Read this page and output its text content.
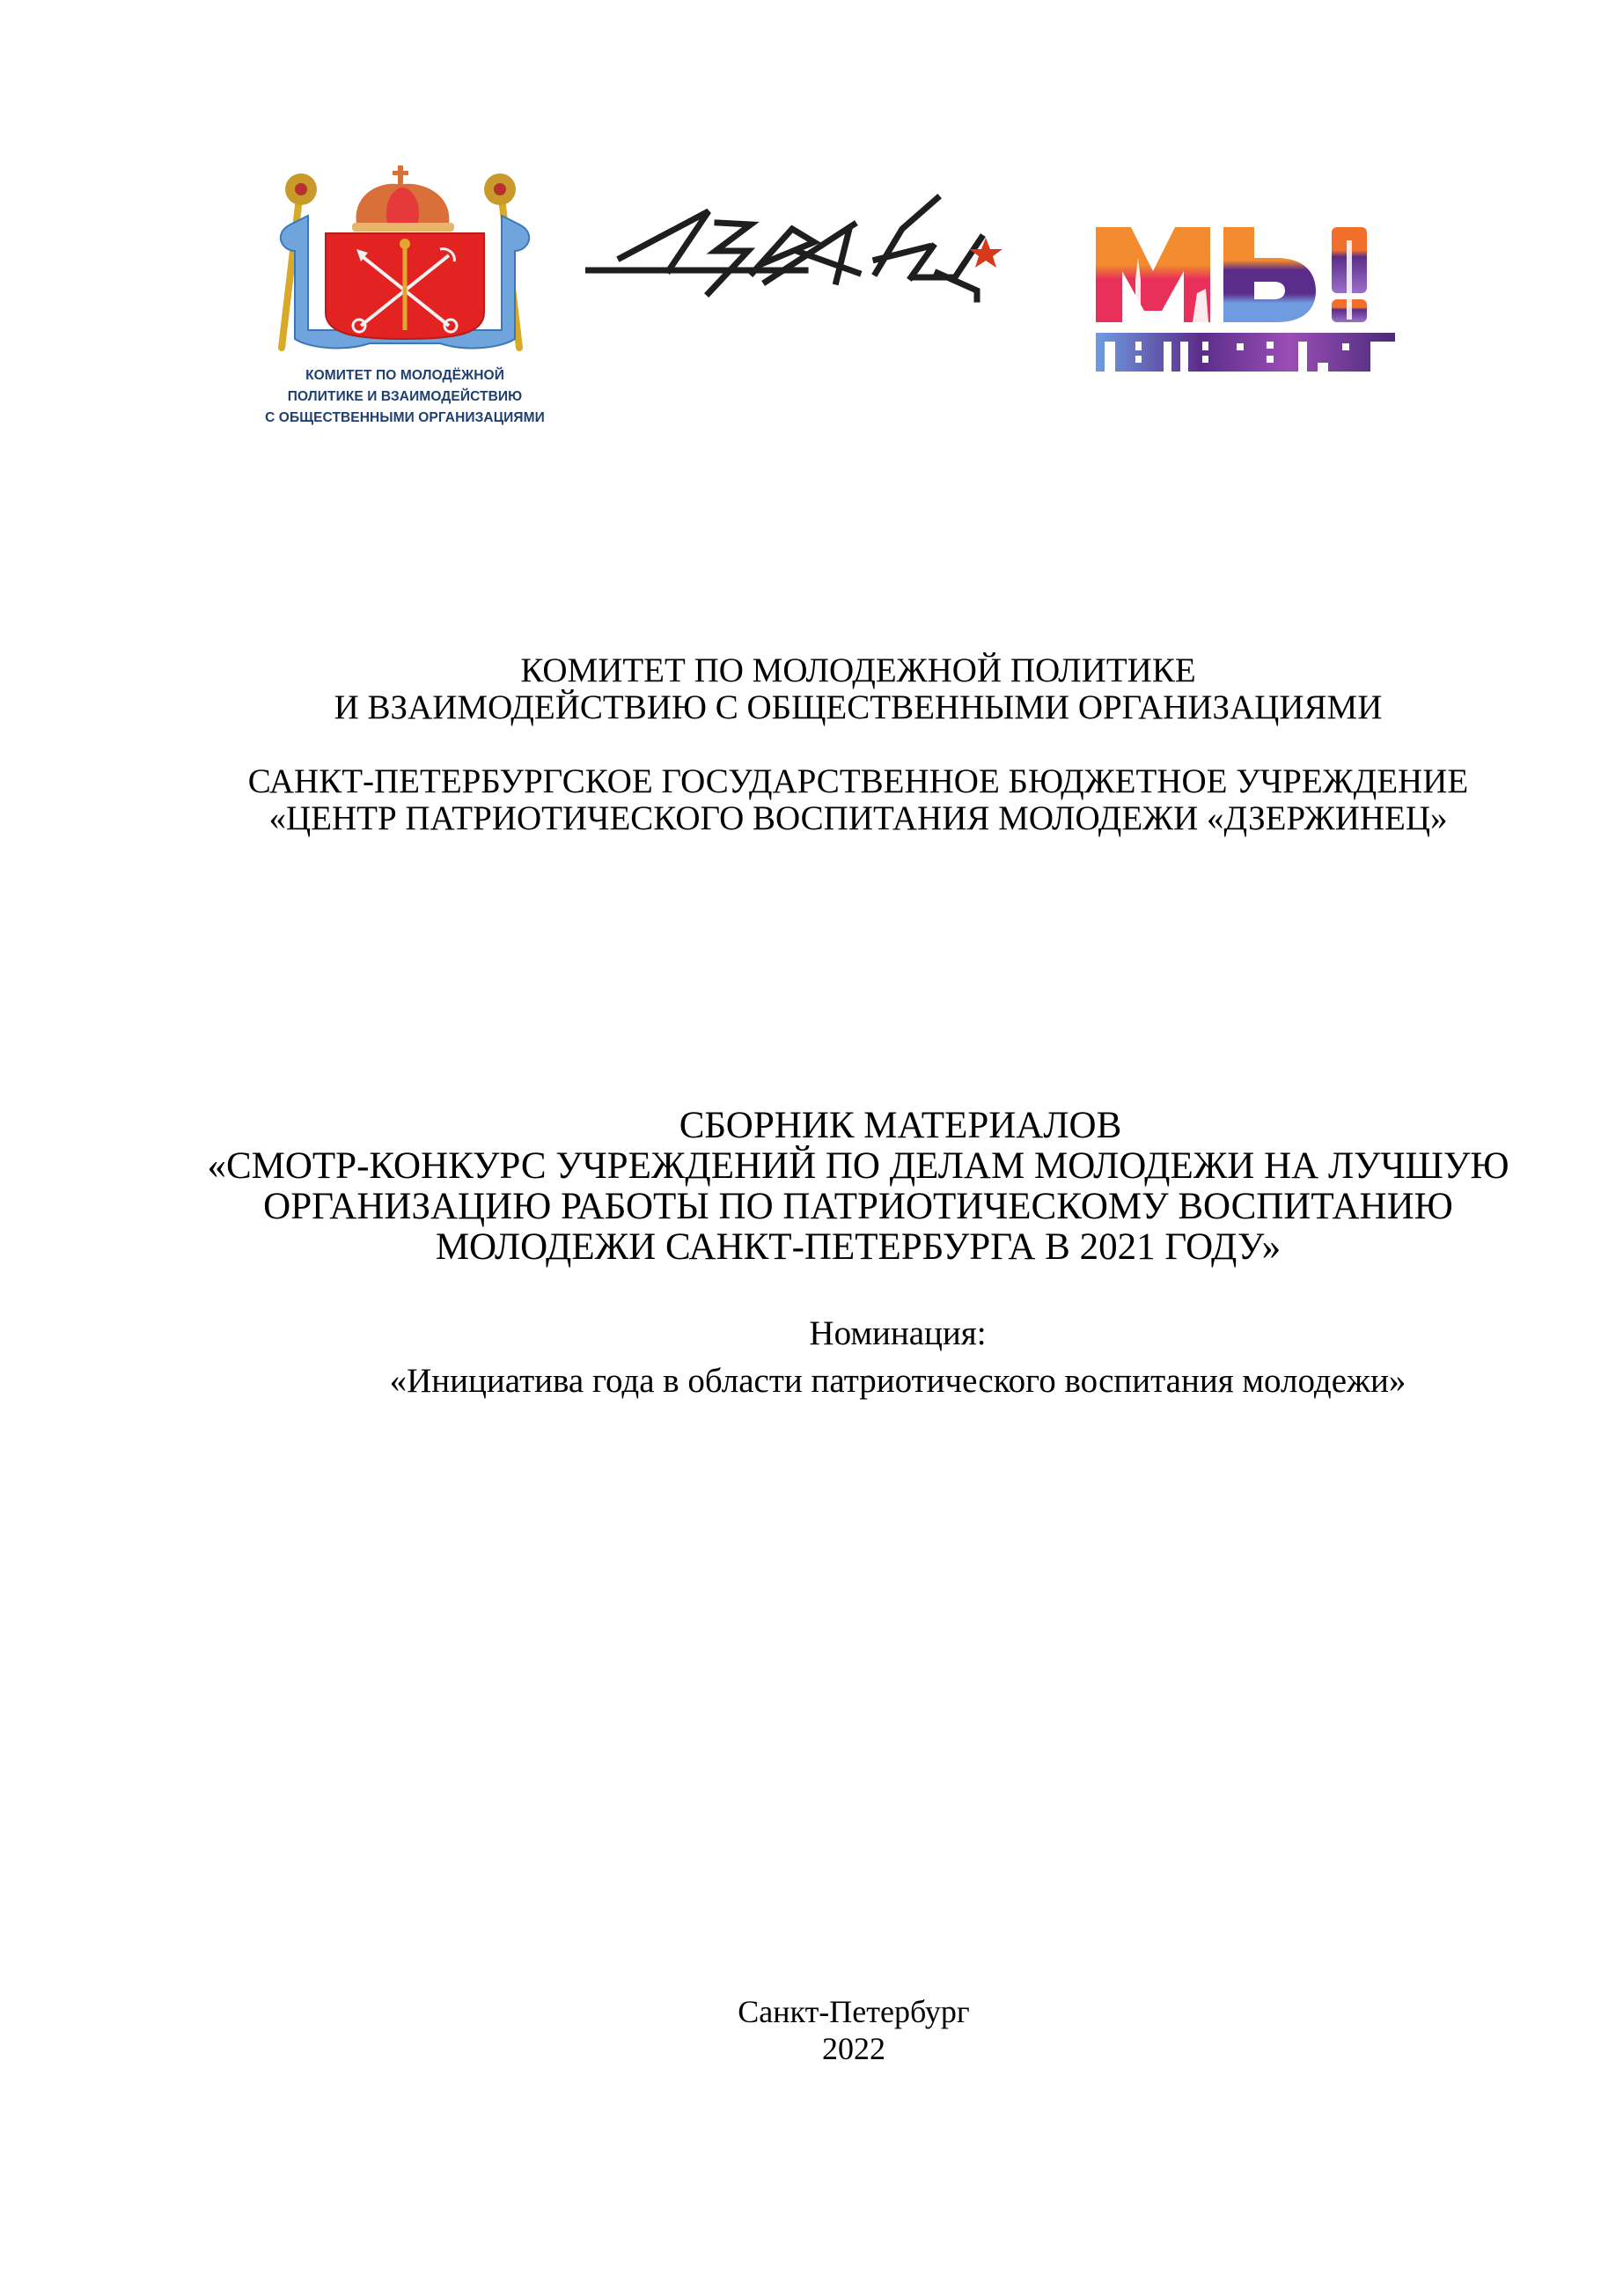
КОМИТЕТ ПО МОЛОДЁЖНОЙ
ПОЛИТИКЕ И ВЗАИМОДЕЙСТВИЮ
С ОБЩЕСТВЕННЫМИ ОРГАНИЗАЦИЯМИ
КОМИТЕТ ПО МОЛОДЕЖНОЙ ПОЛИТИКЕ
И ВЗАИМОДЕЙСТВИЮ С ОБЩЕСТВЕННЫМИ ОРГАНИЗАЦИЯМИ
САНКТ-ПЕТЕРБУРГСКОЕ ГОСУДАРСТВЕННОЕ БЮДЖЕТНОЕ УЧРЕЖДЕНИЕ
«ЦЕНТР ПАТРИОТИЧЕСКОГО ВОСПИТАНИЯ МОЛОДЕЖИ «ДЗЕРЖИНЕЦ»
СБОРНИК МАТЕРИАЛОВ
«СМОТР-КОНКУРС УЧРЕЖДЕНИЙ ПО ДЕЛАМ МОЛОДЕЖИ НА ЛУЧШУЮ
ОРГАНИЗАЦИЮ РАБОТЫ ПО ПАТРИОТИЧЕСКОМУ ВОСПИТАНИЮ
МОЛОДЕЖИ САНКТ-ПЕТЕРБУРГА В 2021 ГОДУ»
Номинация:
«Инициатива года в области патриотического воспитания молодежи»
Санкт-Петербург
2022
